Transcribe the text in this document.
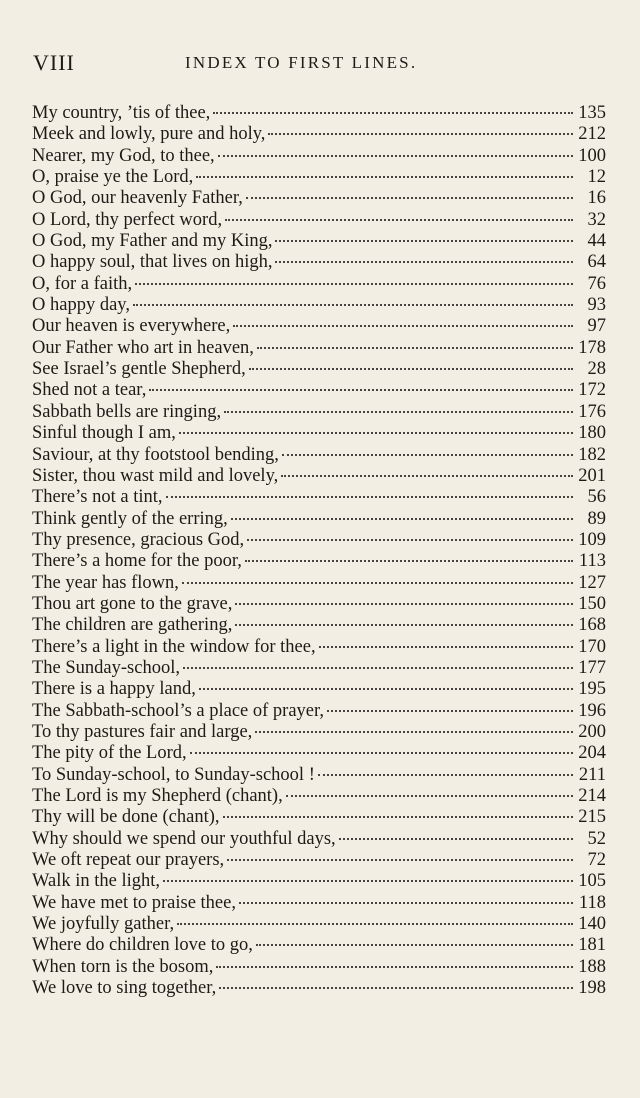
VIII	INDEX TO FIRST LINES.
My country, ’tis of thee,	135
Meek and lowly, pure and holy,	212
Nearer, my God, to thee,	100
O, praise ye the Lord,	12
O God, our heavenly Father,	16
O Lord, thy perfect word,	32
O God, my Father and my King,	44
O happy soul, that lives on high,	64
O, for a faith,	76
O happy day,	93
Our heaven is everywhere,	97
Our Father who art in heaven,	178
See Israel’s gentle Shepherd,	28
Shed not a tear,	172
Sabbath bells are ringing,	176
Sinful though I am,	180
Saviour, at thy footstool bending,	182
Sister, thou wast mild and lovely,	201
There’s not a tint,	56
Think gently of the erring,	89
Thy presence, gracious God,	109
There’s a home for the poor,	113
The year has flown,	127
Thou art gone to the grave,	150
The children are gathering,	168
There’s a light in the window for thee,	170
The Sunday-school,	177
There is a happy land,	195
The Sabbath-school’s a place of prayer,	196
To thy pastures fair and large,	200
The pity of the Lord,	204
To Sunday-school, to Sunday-school !	211
The Lord is my Shepherd (chant),	214
Thy will be done (chant),	215
Why should we spend our youthful days,	52
We oft repeat our prayers,	72
Walk in the light,	105
We have met to praise thee,	118
We joyfully gather,	140
Where do children love to go,	181
When torn is the bosom,	188
We love to sing together,	198
